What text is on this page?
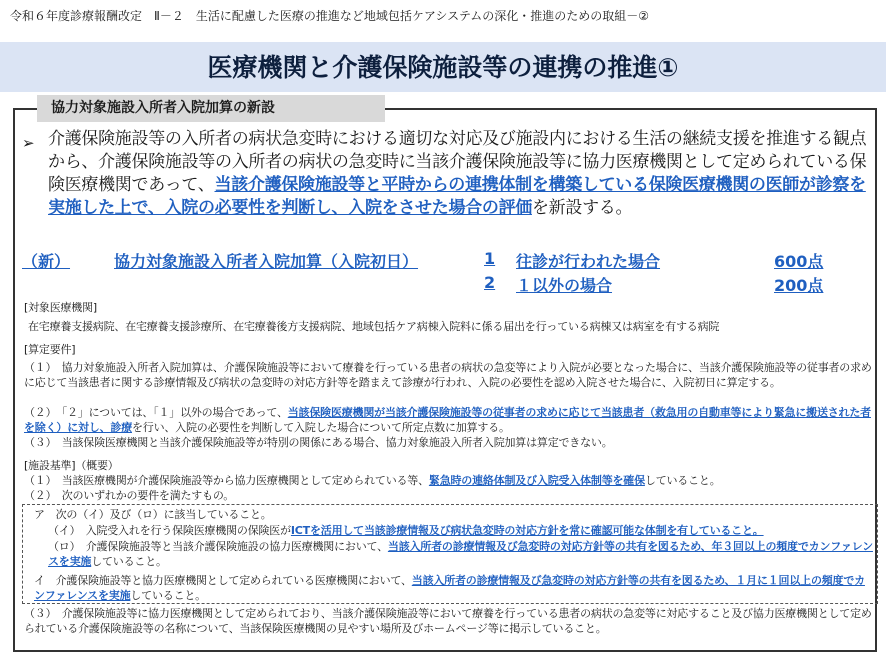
令和６年度診療報酬改定　Ⅱ－２　生活に配慮した医療の推進など地域包括ケアシステムの深化・推進のための取組－②
医療機関と介護保険施設等の連携の推進①
協力対象施設入所者入院加算の新設
➢ 介護保険施設等の入所者の病状急変時における適切な対応及び施設内における生活の継続支援を推進する観点から、介護保険施設等の入所者の病状の急変時に当該介護保険施設等に協力医療機関として定められている保険医療機関であって、当該介護保険施設等と平時からの連携体制を構築している保険医療機関の医師が診察を実施した上で、入院の必要性を判断し、入院をさせた場合の評価を新設する。
（新）	協力対象施設入所者入院加算（入院初日）	1 往診が行われた場合	600点
2 １以外の場合	200点
[対象医療機関]
在宅療養支援病院、在宅療養支援診療所、在宅療養後方支援病院、地域包括ケア病棟入院料に係る届出を行っている病棟又は病室を有する病院
[算定要件]
（１）　協力対象施設入所者入院加算は、介護保険施設等において療養を行っている患者の病状の急変等により入院が必要となった場合に、当該介護保険施設等の従事者の求めに応じて当該患者に関する診療情報及び病状の急変時の対応方針等を踏まえて診療が行われ、入院の必要性を認め入院させた場合に、入院初日に算定する。
（２）　「２」については、「１」以外の場合であって、当該保険医療機関が当該介護保険施設等の従事者の求めに応じて当該患者（救急用の自動車等により緊急に搬送された者を除く）に対し、診療を行い、入院の必要性を判断して入院した場合について所定点数に加算する。
（３）　当該保険医療機関と当該介護保険施設等が特別の関係にある場合、協力対象施設入所者入院加算は算定できない。
[施設基準]（概要）
（１）　当該医療機関が介護保険施設等から協力医療機関として定められている等、緊急時の連絡体制及び入院受入体制等を確保していること。
（２）　次のいずれかの要件を満たすもの。
ア　次の（イ）及び（ロ）に該当していること。
（イ）　入院受入れを行う保険医療機関の保険医がICTを活用して当該診療情報及び病状急変時の対応方針を常に確認可能な体制を有していること。
（ロ）　介護保険施設等と当該介護保険施設の協力医療機関において、当該入所者の診療情報及び急変時の対応方針等の共有を図るため、年３回以上の頻度でカンファレンスを実施していること。
イ　介護保険施設等と協力医療機関として定められている医療機関において、当該入所者の診療情報及び急変時の対応方針等の共有を図るため、１月に１回以上の頻度でカンファレンスを実施していること。
（３）　介護保険施設等に協力医療機関として定められており、当該介護保険施設等において療養を行っている患者の病状の急変等に対応すること及び協力医療機関として定められている介護保険施設等の名称について、当該保険医療機関の見やすい場所及びホームページ等に掲示していること。
